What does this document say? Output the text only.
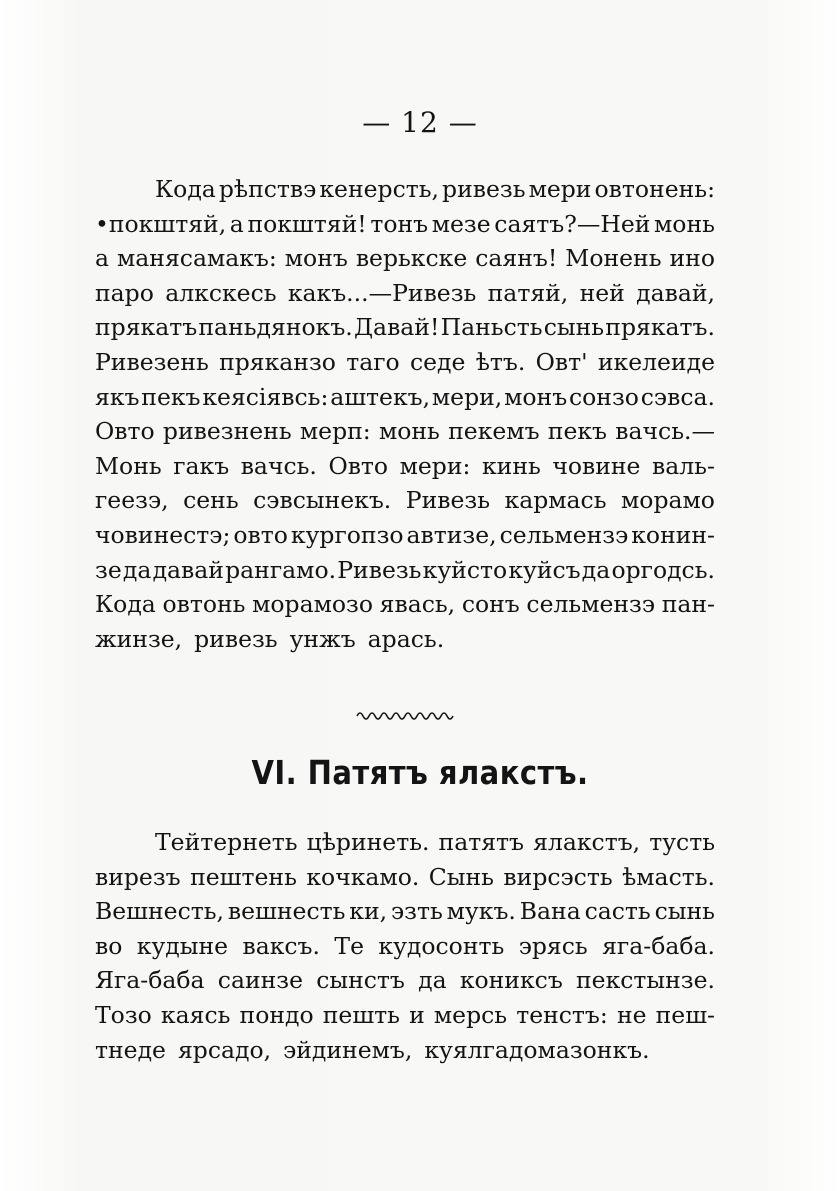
— 12 —
Кода рѣпствэ кенерсть, ривезь мери овтонень:
•покштяй, а покштяй! тонъ мезе саятъ?—Ней монь
а манясамакъ: монъ верькске саянъ! Монень ино
паро алкскесь какъ...—Ривезь патяй, ней давай,
прякатъ паньдянокъ. Давай! Паньсть сынь прякатъ.
Ривезень пряканзо таго седе ѣтъ. Овт' икелеиде
якъ пекъ кеясіявсь: аштекъ, мери, монъ сонзо сэвса.
Овто ривезнень мерп: монь пекемъ пекъ вачсь.—
Монь гакъ вачсь. Овто мери: кинь човине валь-
геезэ, сень сэвсынекъ. Ривезь кармась морамо
човинестэ; овто кургопзо автизе, сельмензэ конин-
зе да давай рангамо. Ривезь куйсто куйсъ да оргодсь.
Кода овтонь морамозо явась, сонъ сельмензэ пан-
жинзе, ривезь унжъ арась.
VI. Патятъ ялакстъ.
Тейтернеть цѣринеть. патятъ ялакстъ, тусть
вирезъ пештень кочкамо. Сынь вирсэсть ѣмасть.
Вешнесть, вешнесть ки, эзть мукъ. Вана састь сынь
во кудыне ваксъ. Те кудосонть эрясь яга-баба.
Яга-баба саинзе сынстъ да кониксъ пекстынзе.
Тозо каясь пондо пешть и мерсь тенстъ: не пеш-
тнеде ярсадо, эйдинемъ, куялгадомазонкъ.
